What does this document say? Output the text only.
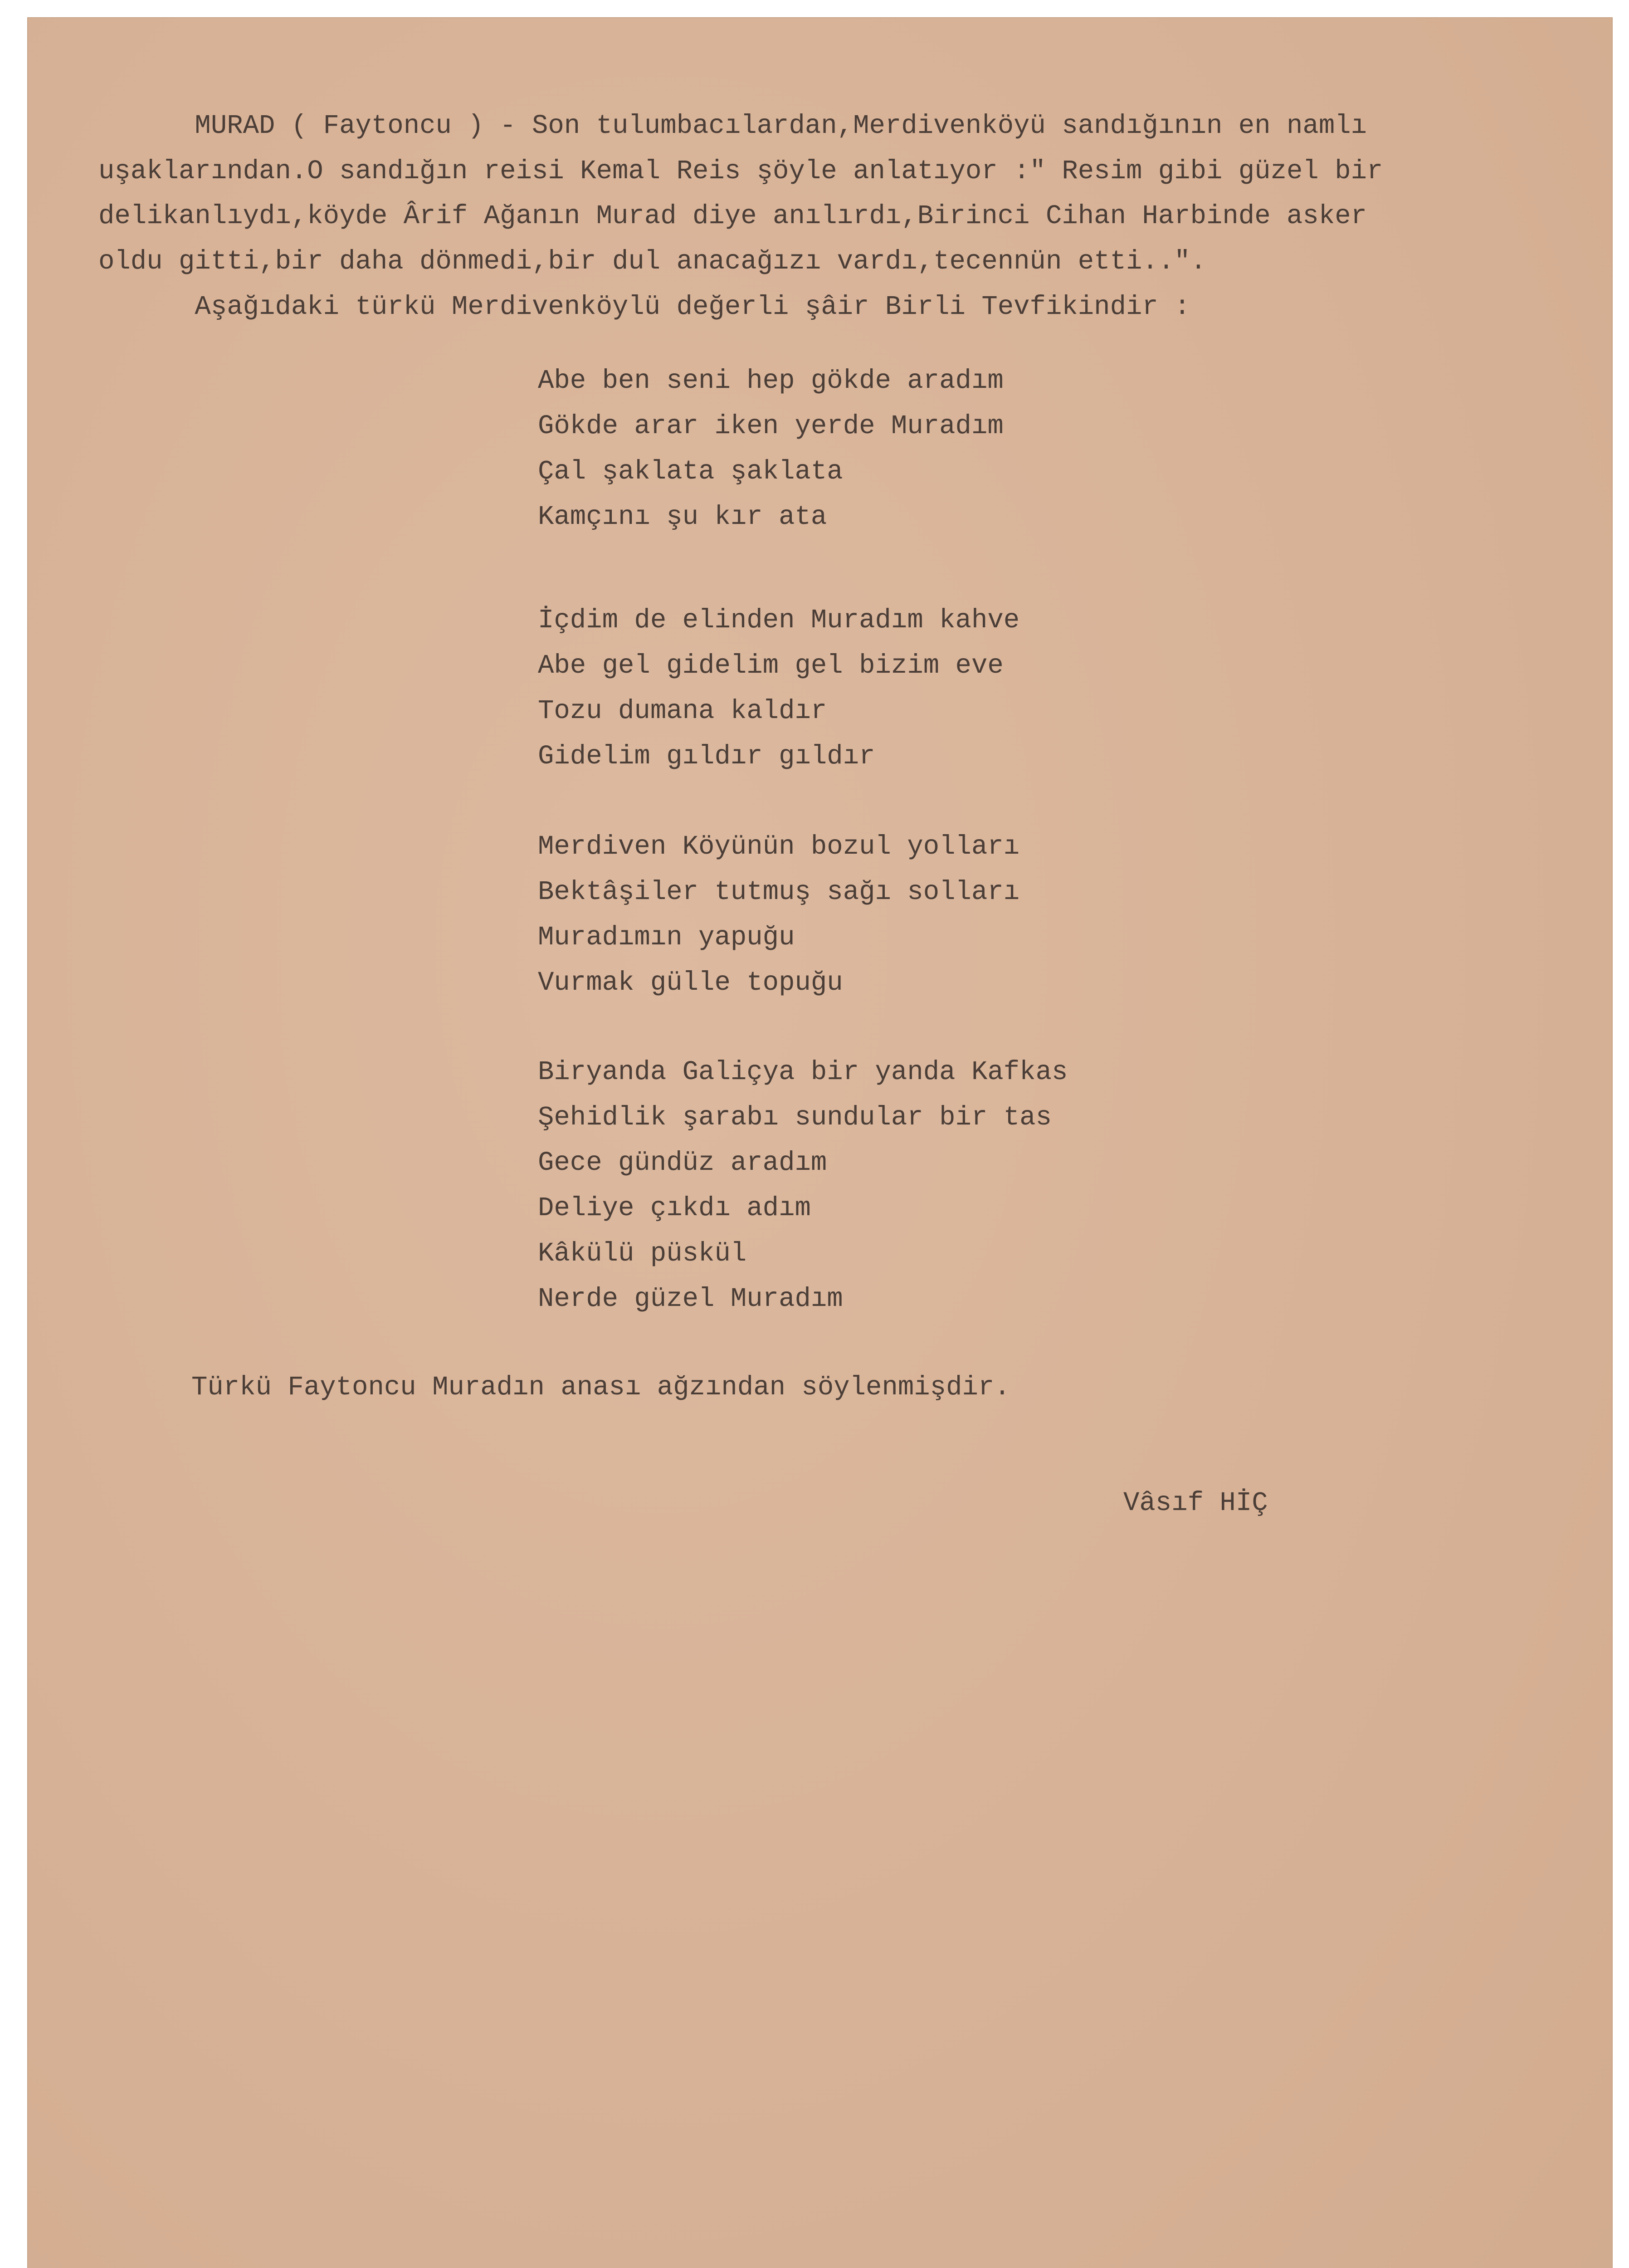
MURAD ( Faytoncu ) - Son tulumbacılardan,Merdivenköyü sandığının en namlı
uşaklarından.O sandığın reisi Kemal Reis şöyle anlatıyor :" Resim gibi güzel bir
delikanlıydı,köyde Ârif Ağanın Murad diye anılırdı,Birinci Cihan Harbinde asker
oldu gitti,bir daha dönmedi,bir dul anacağızı vardı,tecennün etti..".
Aşağıdaki türkü Merdivenköylü değerli şâir Birli Tevfikindir :
Abe ben seni hep gökde aradım
Gökde arar iken yerde Muradım
Çal şaklata şaklata
Kamçını şu kır ata
İçdim de elinden Muradım kahve
Abe gel gidelim gel bizim eve
Tozu dumana kaldır
Gidelim gıldır gıldır
Merdiven Köyünün bozul yolları
Bektâşiler tutmuş sağı solları
Muradımın yapuğu
Vurmak gülle topuğu
Biryanda Galiçya bir yanda Kafkas
Şehidlik şarabı sundular bir tas
Gece gündüz aradım
Deliye çıkdı adım
Kâkülü püskül
Nerde güzel Muradım
Türkü Faytoncu Muradın anası ağzından söylenmişdir.
Vâsıf HİÇ
